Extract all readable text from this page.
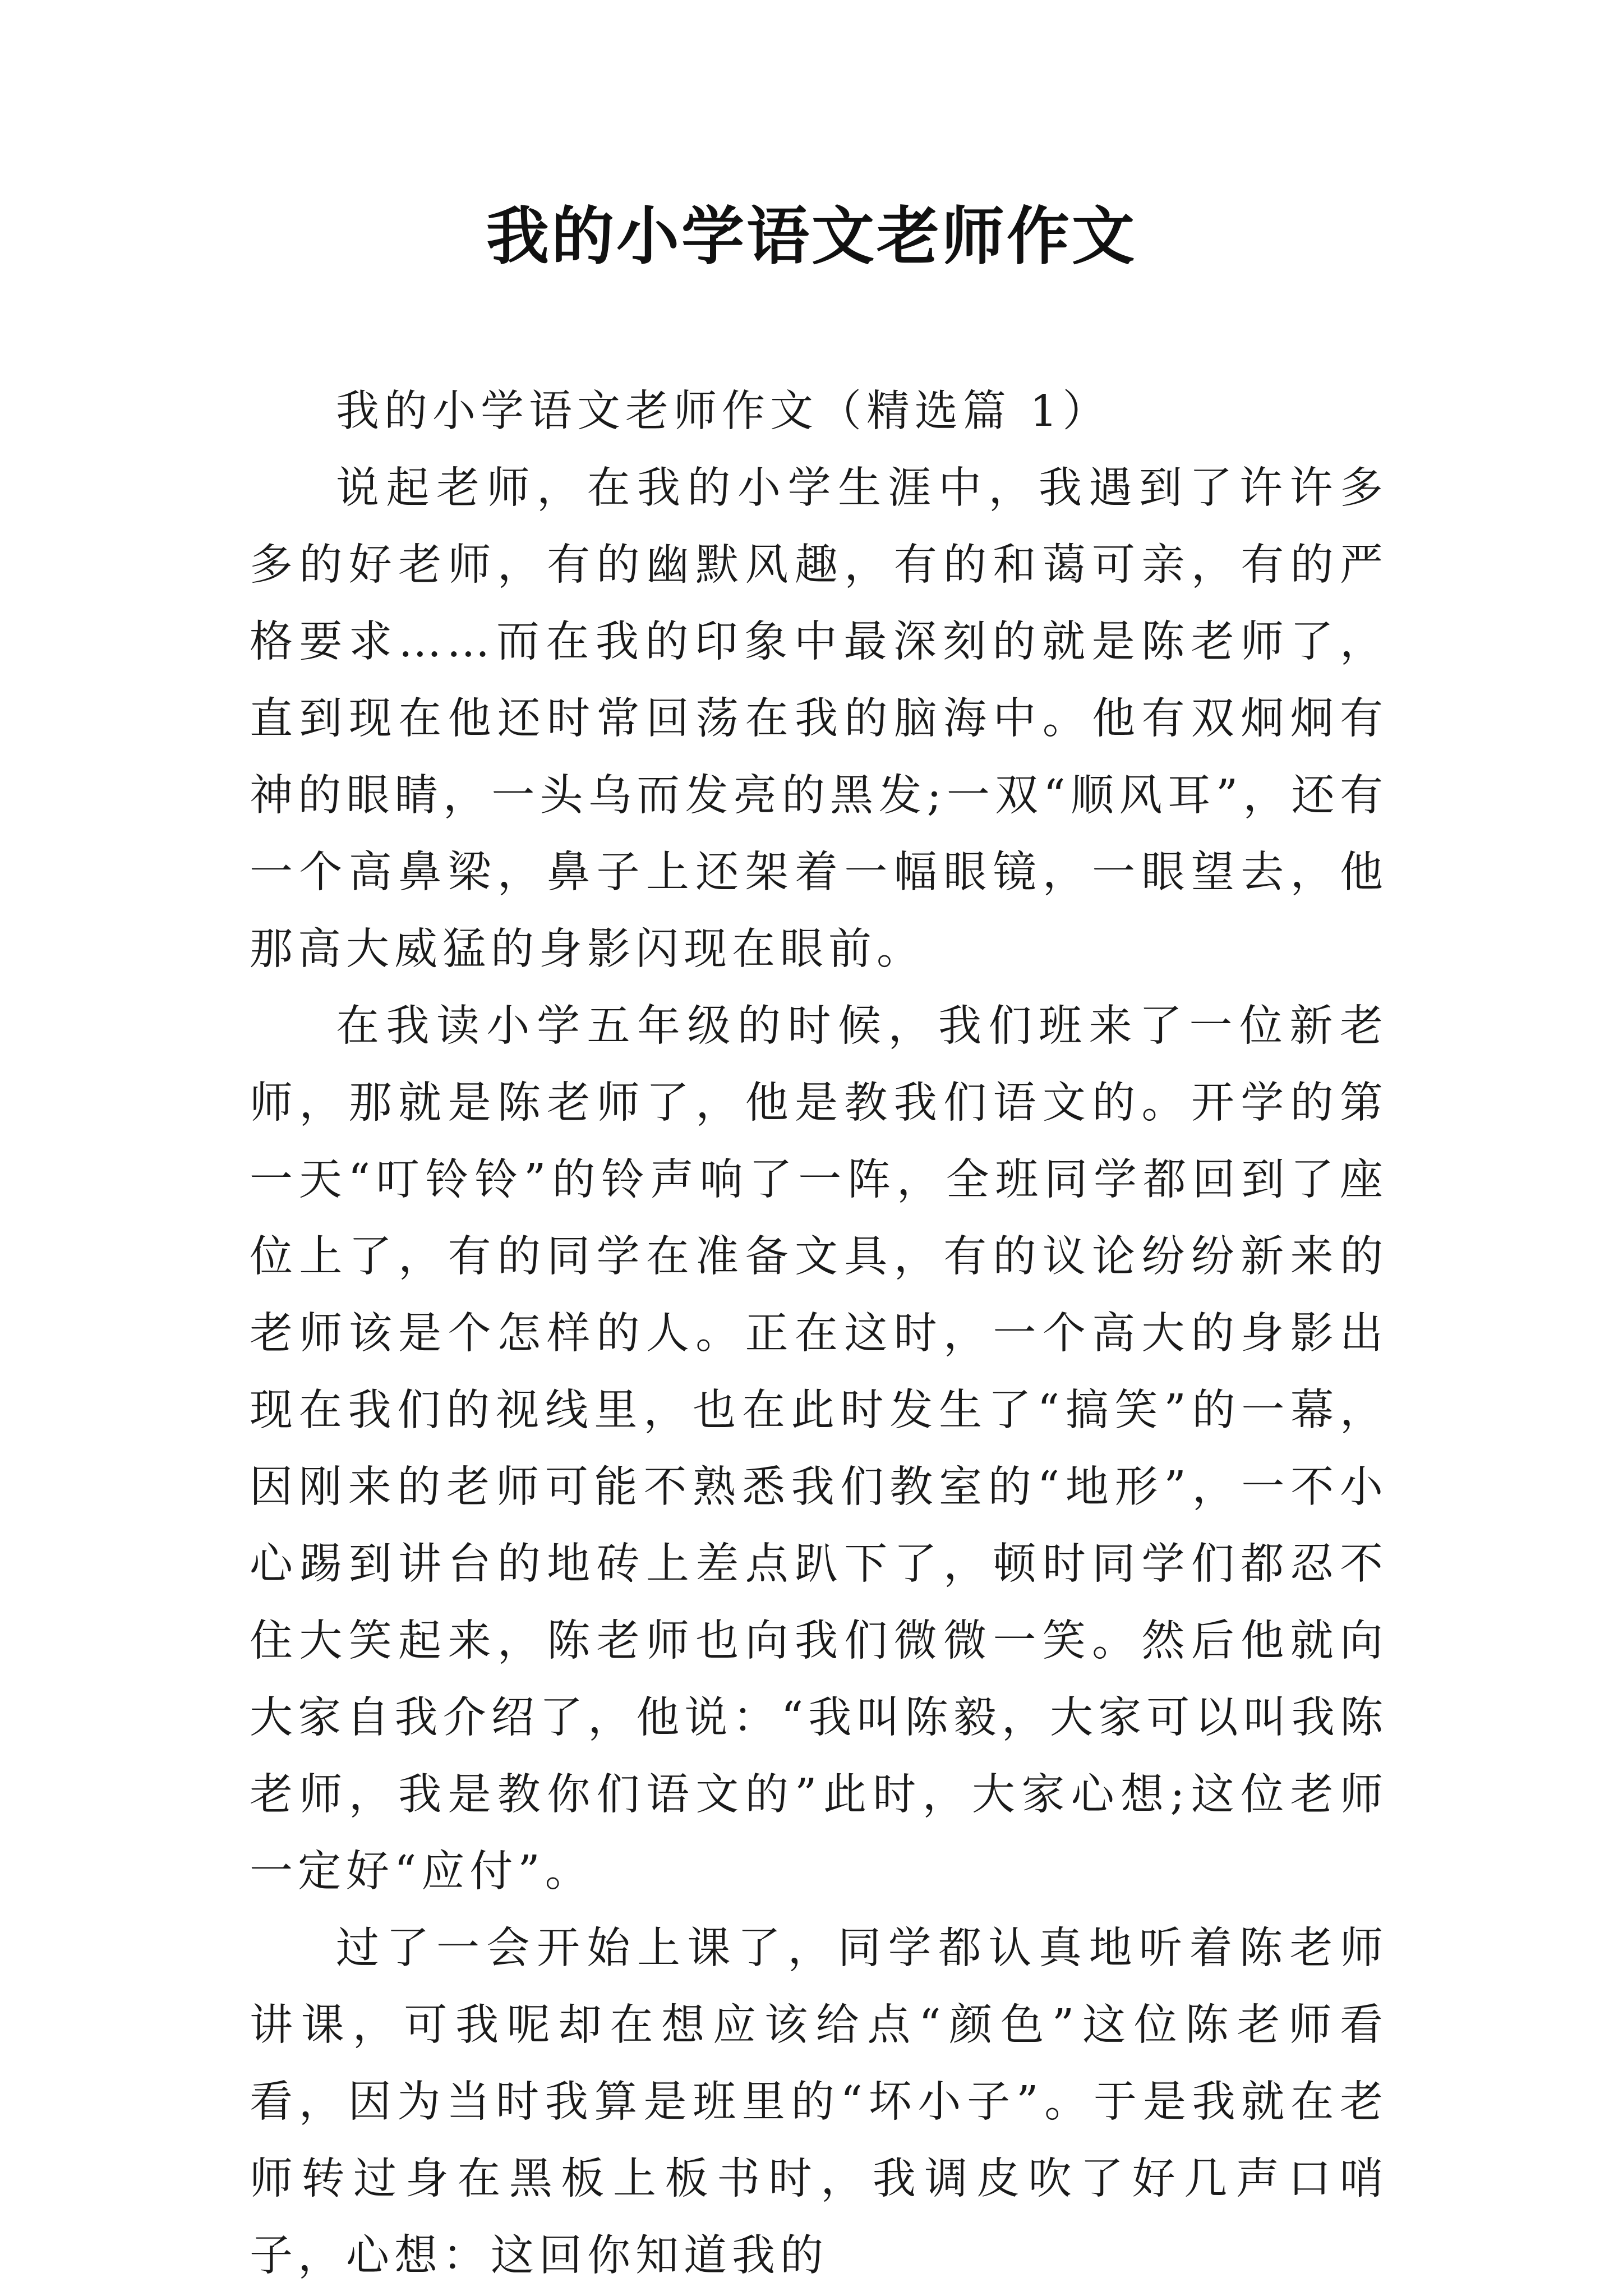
我的小学语文老师作文

我的小学语文老师作文（精选篇 1）

说起老师，在我的小学生涯中，我遇到了许许多多的好老师，有的幽默风趣，有的和蔼可亲，有的严格要求……而在我的印象中最深刻的就是陈老师了，直到现在他还时常回荡在我的脑海中。他有双炯炯有神的眼睛，一头乌而发亮的黑发;一双“顺风耳”，还有一个高鼻梁，鼻子上还架着一幅眼镜，一眼望去，他那高大威猛的身影闪现在眼前。

在我读小学五年级的时候，我们班来了一位新老师，那就是陈老师了，他是教我们语文的。开学的第一天“叮铃铃”的铃声响了一阵，全班同学都回到了座位上了，有的同学在准备文具，有的议论纷纷新来的老师该是个怎样的人。正在这时，一个高大的身影出现在我们的视线里，也在此时发生了“搞笑”的一幕，因刚来的老师可能不熟悉我们教室的“地形”，一不小心踢到讲台的地砖上差点趴下了，顿时同学们都忍不住大笑起来，陈老师也向我们微微一笑。然后他就向大家自我介绍了，他说：“我叫陈毅，大家可以叫我陈老师，我是教你们语文的”此时，大家心想;这位老师一定好“应付”。

过了一会开始上课了，同学都认真地听着陈老师讲课，可我呢却在想应该给点“颜色”这位陈老师看看，因为当时我算是班里的“坏小子”。于是我就在老师转过身在黑板上板书时，我调皮吹了好几声口哨子，心想：这回你知道我的
